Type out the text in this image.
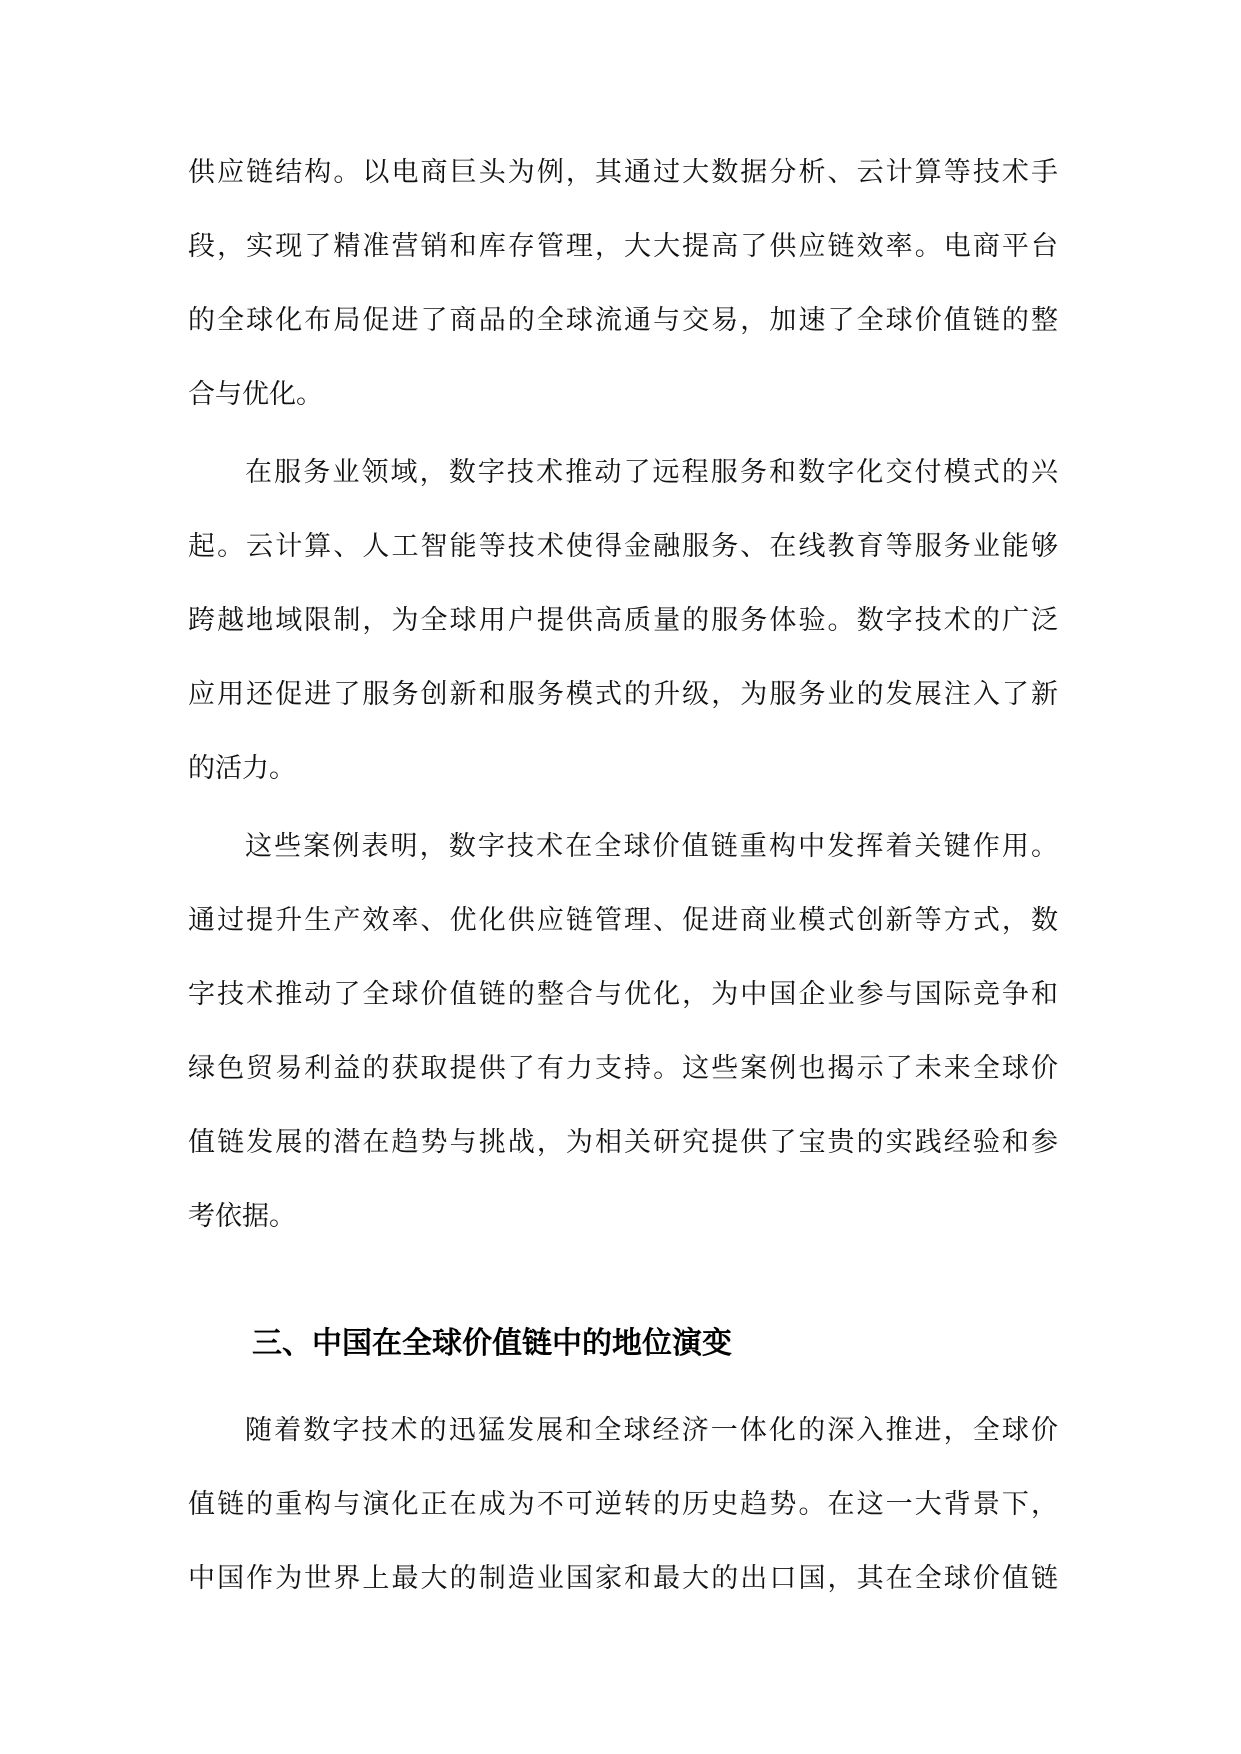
供应链结构。以电商巨头为例，其通过大数据分析、云计算等技术手
段，实现了精准营销和库存管理，大大提高了供应链效率。电商平台
的全球化布局促进了商品的全球流通与交易，加速了全球价值链的整
合与优化。
在服务业领域，数字技术推动了远程服务和数字化交付模式的兴
起。云计算、人工智能等技术使得金融服务、在线教育等服务业能够
跨越地域限制，为全球用户提供高质量的服务体验。数字技术的广泛
应用还促进了服务创新和服务模式的升级，为服务业的发展注入了新
的活力。
这些案例表明，数字技术在全球价值链重构中发挥着关键作用。
通过提升生产效率、优化供应链管理、促进商业模式创新等方式，数
字技术推动了全球价值链的整合与优化，为中国企业参与国际竞争和
绿色贸易利益的获取提供了有力支持。这些案例也揭示了未来全球价
值链发展的潜在趋势与挑战，为相关研究提供了宝贵的实践经验和参
考依据。
三、中国在全球价值链中的地位演变
随着数字技术的迅猛发展和全球经济一体化的深入推进，全球价
值链的重构与演化正在成为不可逆转的历史趋势。在这一大背景下，
中国作为世界上最大的制造业国家和最大的出口国，其在全球价值链
